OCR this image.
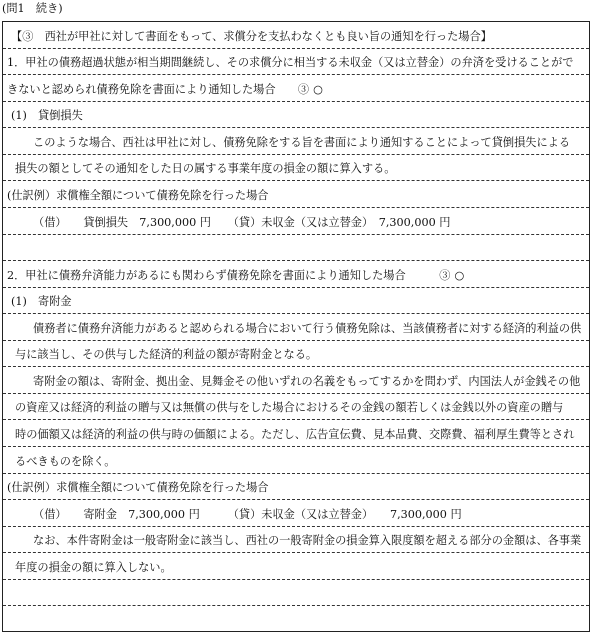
(問1　続き)
【③　西社が甲社に対して書面をもって、求償分を支払わなくとも良い旨の通知を行った場合】
1．甲社の債務超過状態が相当期間継続し、その求償分に相当する未収金（又は立替金）の弁済を受けることがで
きないと認められ債務免除を書面により通知した場合　　③ ○
(1)　貸倒損失
このような場合、西社は甲社に対し、債務免除をする旨を書面により通知することによって貸倒損失による
損失の額としてその通知をした日の属する事業年度の損金の額に算入する。
(仕訳例）求償権全額について債務免除を行った場合
（借）　　貸倒損失　7,300,000 円　　（貸）未収金（又は立替金）　7,300,000 円
2．甲社に債務弁済能力があるにも関わらず債務免除を書面により通知した場合　　　③ ○
(1)　寄附金
債務者に債務弁済能力があると認められる場合において行う債務免除は、当該債務者に対する経済的利益の供
与に該当し、その供与した経済的利益の額が寄附金となる。
寄附金の額は、寄附金、拠出金、見舞金その他いずれの名義をもってするかを問わず、内国法人が金銭その他
の資産又は経済的利益の贈与又は無償の供与をした場合におけるその金銭の額若しくは金銭以外の資産の贈与
時の価額又は経済的利益の供与時の価額による。ただし、広告宣伝費、見本品費、交際費、福利厚生費等とされ
るべきものを除く。
(仕訳例）求償権全額について債務免除を行った場合
（借）　　寄附金　7,300,000 円　　　（貸）未収金（又は立替金）　　7,300,000 円
なお、本件寄附金は一般寄附金に該当し、西社の一般寄附金の損金算入限度額を超える部分の金額は、各事業
年度の損金の額に算入しない。
